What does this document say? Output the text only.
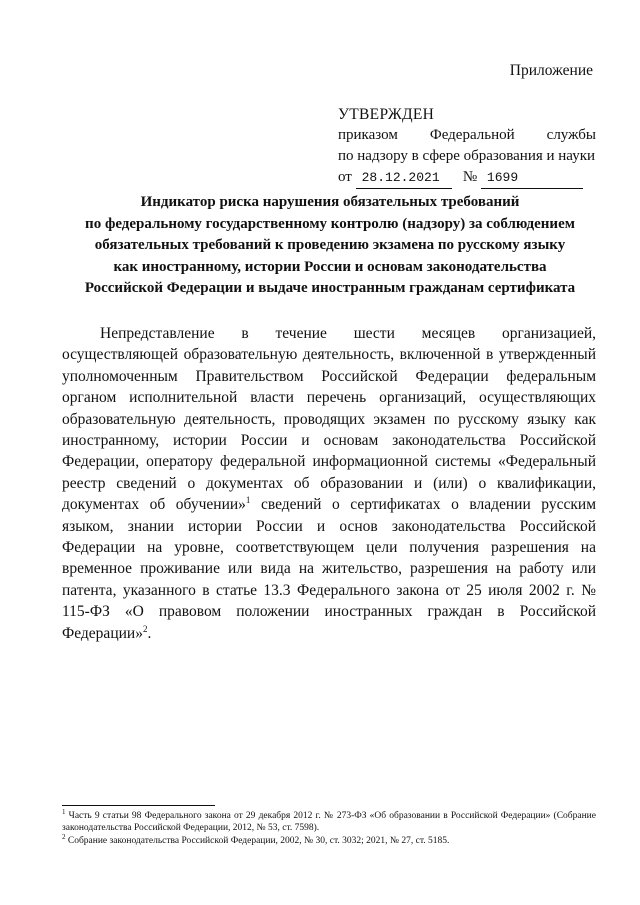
Приложение
УТВЕРЖДЕН
приказом Федеральной службы
по надзору в сфере образования и науки
от 28.12.2021 № 1699
Индикатор риска нарушения обязательных требований
по федеральному государственному контролю (надзору) за соблюдением
обязательных требований к проведению экзамена по русскому языку
как иностранному, истории России и основам законодательства
Российской Федерации и выдаче иностранным гражданам сертификата

Непредставление в течение шести месяцев организацией, осуществляющей образовательную деятельность, включенной в утвержденный уполномоченным Правительством Российской Федерации федеральным органом исполнительной власти перечень организаций, осуществляющих образовательную деятельность, проводящих экзамен по русскому языку как иностранному, истории России и основам законодательства Российской Федерации, оператору федеральной информационной системы «Федеральный реестр сведений о документах об образовании и (или) о квалификации, документах об обучении»$^1$ сведений о сертификатах о владении русским языком, знании истории России и основ законодательства Российской Федерации на уровне, соответствующем цели получения разрешения на временное проживание или вида на жительство, разрешения на работу или патента, указанного в статье 13.3 Федерального закона от 25 июля 2002 г. № 115-ФЗ «О правовом положении иностранных граждан в Российской Федерации»$^2$.

$^1$ Часть 9 статьи 98 Федерального закона от 29 декабря 2012 г. № 273-ФЗ «Об образовании в Российской Федерации» (Собрание законодательства Российской Федерации, 2012, № 53, ст. 7598).

$^2$ Собрание законодательства Российской Федерации, 2002, № 30, ст. 3032; 2021, № 27, ст. 5185.
